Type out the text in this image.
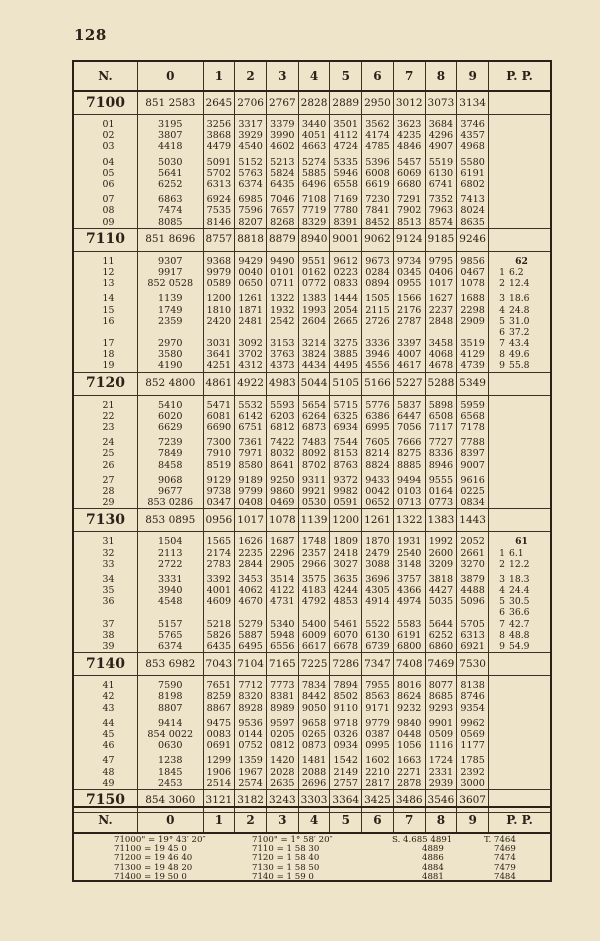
128
N.	0	1	2	3	4	5	6	7	8	9	P. P.
7100	851 2583	2645	2706	2767	2828	2889	2950	3012	3073	3134	

01	3195	3256	3317	3379	3440	3501	3562	3623	3684	3746	
02	3807	3868	3929	3990	4051	4112	4174	4235	4296	4357	
03	4418	4479	4540	4602	4663	4724	4785	4846	4907	4968	

04	5030	5091	5152	5213	5274	5335	5396	5457	5519	5580	
05	5641	5702	5763	5824	5885	5946	6008	6069	6130	6191	
06	6252	6313	6374	6435	6496	6558	6619	6680	6741	6802	

07	6863	6924	6985	7046	7108	7169	7230	7291	7352	7413	
08	7474	7535	7596	7657	7719	7780	7841	7902	7963	8024	
09	8085	8146	8207	8268	8329	8391	8452	8513	8574	8635	
7110	851 8696	8757	8818	8879	8940	9001	9062	9124	9185	9246	

11	9307	9368	9429	9490	9551	9612	9673	9734	9795	9856	62
12	9917	9979	0040	0101	0162	0223	0284	0345	0406	0467	1 6.2
13	852 0528	0589	0650	0711	0772	0833	0894	0955	1017	1078	2 12.4

14	1139	1200	1261	1322	1383	1444	1505	1566	1627	1688	3 18.6
15	1749	1810	1871	1932	1993	2054	2115	2176	2237	2298	4 24.8
16	2359	2420	2481	2542	2604	2665	2726	2787	2848	2909	5 31.0
											6 37.2
17	2970	3031	3092	3153	3214	3275	3336	3397	3458	3519	7 43.4
18	3580	3641	3702	3763	3824	3885	3946	4007	4068	4129	8 49.6
19	4190	4251	4312	4373	4434	4495	4556	4617	4678	4739	9 55.8
7120	852 4800	4861	4922	4983	5044	5105	5166	5227	5288	5349	

21	5410	5471	5532	5593	5654	5715	5776	5837	5898	5959	
22	6020	6081	6142	6203	6264	6325	6386	6447	6508	6568	
23	6629	6690	6751	6812	6873	6934	6995	7056	7117	7178	

24	7239	7300	7361	7422	7483	7544	7605	7666	7727	7788	
25	7849	7910	7971	8032	8092	8153	8214	8275	8336	8397	
26	8458	8519	8580	8641	8702	8763	8824	8885	8946	9007	

27	9068	9129	9189	9250	9311	9372	9433	9494	9555	9616	
28	9677	9738	9799	9860	9921	9982	0042	0103	0164	0225	
29	853 0286	0347	0408	0469	0530	0591	0652	0713	0773	0834	
7130	853 0895	0956	1017	1078	1139	1200	1261	1322	1383	1443	

31	1504	1565	1626	1687	1748	1809	1870	1931	1992	2052	61
32	2113	2174	2235	2296	2357	2418	2479	2540	2600	2661	1 6.1
33	2722	2783	2844	2905	2966	3027	3088	3148	3209	3270	2 12.2

34	3331	3392	3453	3514	3575	3635	3696	3757	3818	3879	3 18.3
35	3940	4001	4062	4122	4183	4244	4305	4366	4427	4488	4 24.4
36	4548	4609	4670	4731	4792	4853	4914	4974	5035	5096	5 30.5
											6 36.6
37	5157	5218	5279	5340	5400	5461	5522	5583	5644	5705	7 42.7
38	5765	5826	5887	5948	6009	6070	6130	6191	6252	6313	8 48.8
39	6374	6435	6495	6556	6617	6678	6739	6800	6860	6921	9 54.9
7140	853 6982	7043	7104	7165	7225	7286	7347	7408	7469	7530	

41	7590	7651	7712	7773	7834	7894	7955	8016	8077	8138	
42	8198	8259	8320	8381	8442	8502	8563	8624	8685	8746	
43	8807	8867	8928	8989	9050	9110	9171	9232	9293	9354	

44	9414	9475	9536	9597	9658	9718	9779	9840	9901	9962	
45	854 0022	0083	0144	0205	0265	0326	0387	0448	0509	0569	
46	0630	0691	0752	0812	0873	0934	0995	1056	1116	1177	

47	1238	1299	1359	1420	1481	1542	1602	1663	1724	1785	
48	1845	1906	1967	2028	2088	2149	2210	2271	2331	2392	
49	2453	2514	2574	2635	2696	2757	2817	2878	2939	3000	
7150	854 3060	3121	3182	3243	3303	3364	3425	3486	3546	3607	
N.	0	1	2	3	4	5	6	7	8	9	P. P.
71000" = 19° 43′ 20″
71100 = 19 45 0
71200 = 19 46 40
71300 = 19 48 20
71400 = 19 50 0
7100" = 1° 58′ 20″
7110 = 1 58 30
7120 = 1 58 40
7130 = 1 58 50
7140 = 1 59 0
S. 4.685 4891
4889
4886
4884
4881
T. 7464
7469
7474
7479
7484
